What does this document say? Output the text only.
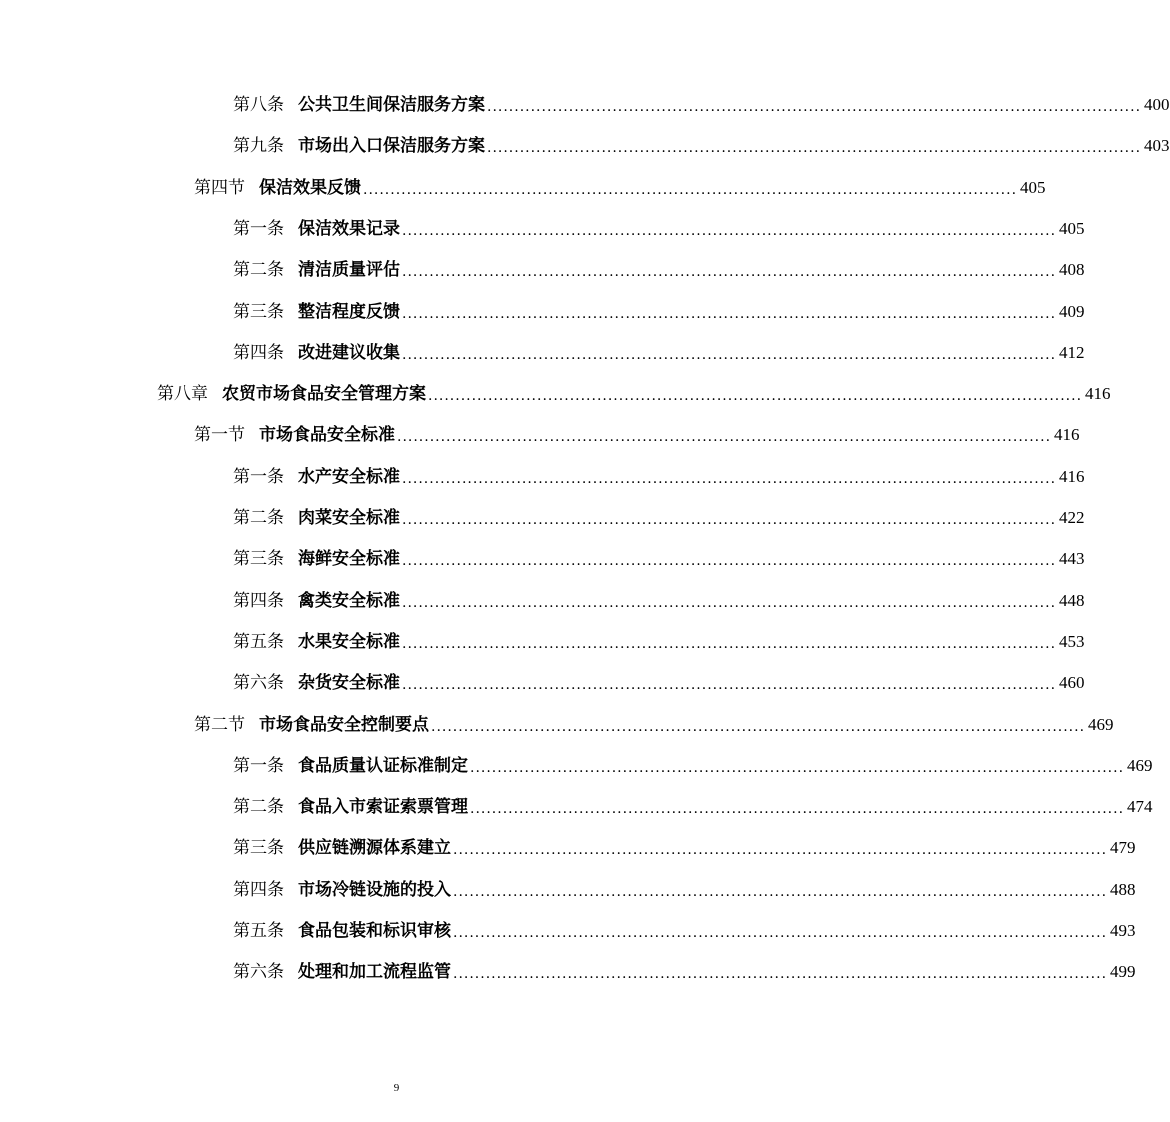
第八条 公共卫生间保洁服务方案 ........................................................................................................................ 400
第九条 市场出入口保洁服务方案 ........................................................................................................................ 403
第四节 保洁效果反馈 ........................................................................................................................ 405
第一条 保洁效果记录 ........................................................................................................................ 405
第二条 清洁质量评估 ........................................................................................................................ 408
第三条 整洁程度反馈 ........................................................................................................................ 409
第四条 改进建议收集 ........................................................................................................................ 412
第八章 农贸市场食品安全管理方案 ........................................................................................................................ 416
第一节 市场食品安全标准 ........................................................................................................................ 416
第一条 水产安全标准 ........................................................................................................................ 416
第二条 肉菜安全标准 ........................................................................................................................ 422
第三条 海鲜安全标准 ........................................................................................................................ 443
第四条 禽类安全标准 ........................................................................................................................ 448
第五条 水果安全标准 ........................................................................................................................ 453
第六条 杂货安全标准 ........................................................................................................................ 460
第二节 市场食品安全控制要点 ........................................................................................................................ 469
第一条 食品质量认证标准制定 ........................................................................................................................ 469
第二条 食品入市索证索票管理 ........................................................................................................................ 474
第三条 供应链溯源体系建立 ........................................................................................................................ 479
第四条 市场冷链设施的投入 ........................................................................................................................ 488
第五条 食品包装和标识审核 ........................................................................................................................ 493
第六条 处理和加工流程监管 ........................................................................................................................ 499
9
